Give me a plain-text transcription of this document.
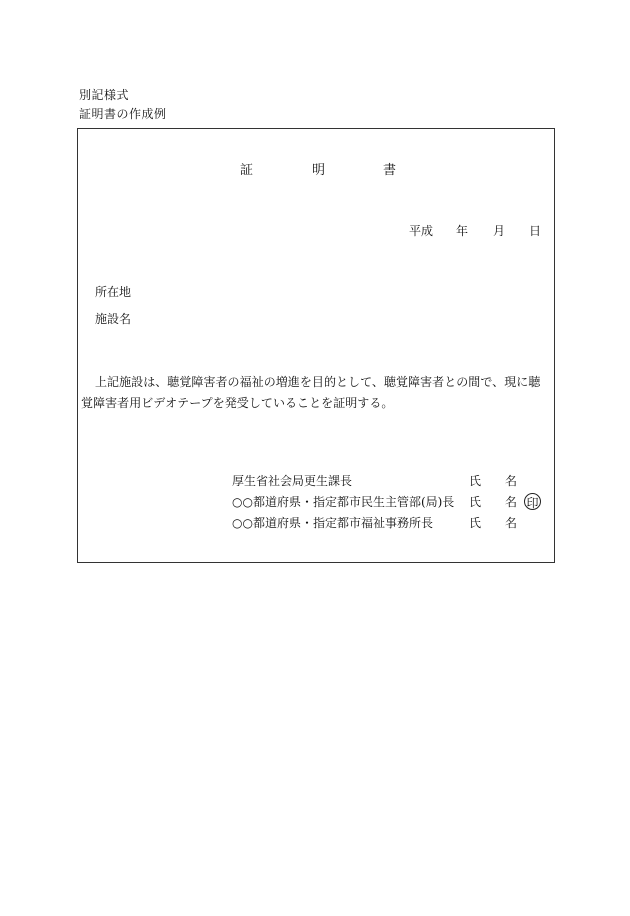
別記様式
証明書の作成例
証	明	書
平成 年 月 日
所在地
施設名
上記施設は、聴覚障害者の福祉の増進を目的として、聴覚障害者との間で、現に聴覚障害者用ビデオテープを発受していることを証明する。
厚生省社会局更生課長	氏 名
○○都道府県・指定都市民生主管部(局)長 氏 名 印
○○都道府県・指定都市福祉事務所長	氏 名
